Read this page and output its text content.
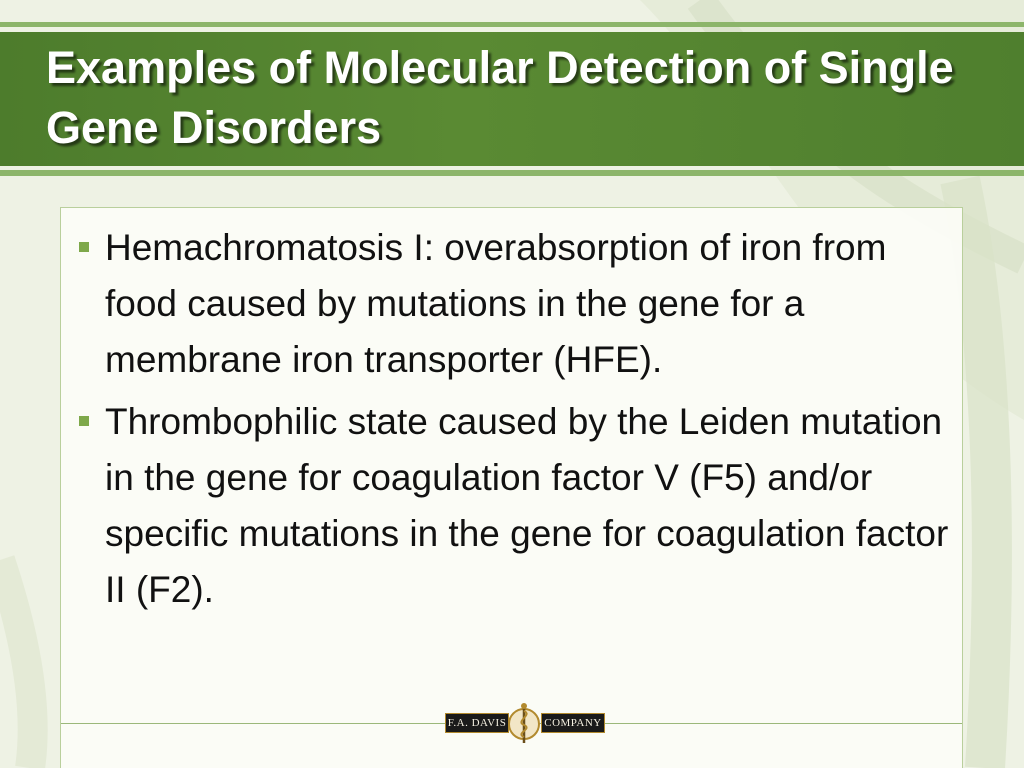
Examples of Molecular Detection of Single Gene Disorders
Hemachromatosis I: overabsorption of iron from food caused by mutations in the gene for a membrane iron transporter (HFE).
Thrombophilic state caused by the Leiden mutation in the gene for coagulation factor V (F5) and/or specific mutations in the gene for coagulation factor II (F2).
F.A. DAVIS	COMPANY
